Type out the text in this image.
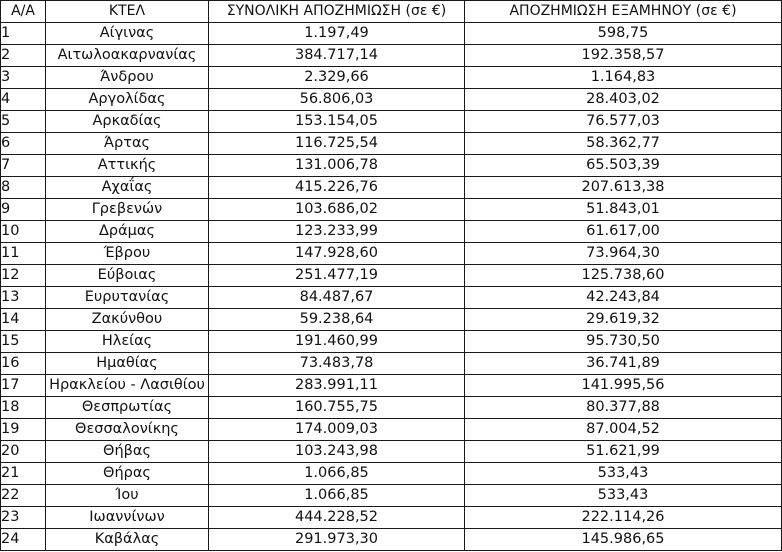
Α/Α	ΚΤΕΛ	ΣΥΝΟΛΙΚΗ ΑΠΟΖΗΜΙΩΣΗ (σε €)	ΑΠΟΖΗΜΙΩΣΗ ΕΞΑΜΗΝΟΥ (σε €)
1	Αίγινας	1.197,49	598,75
2	Αιτωλοακαρνανίας	384.717,14	192.358,57
3	Άνδρου	2.329,66	1.164,83
4	Αργολίδας	56.806,03	28.403,02
5	Αρκαδίας	153.154,05	76.577,03
6	Άρτας	116.725,54	58.362,77
7	Αττικής	131.006,78	65.503,39
8	Αχαΐας	415.226,76	207.613,38
9	Γρεβενών	103.686,02	51.843,01
10	Δράμας	123.233,99	61.617,00
11	Έβρου	147.928,60	73.964,30
12	Εύβοιας	251.477,19	125.738,60
13	Ευρυτανίας	84.487,67	42.243,84
14	Ζακύνθου	59.238,64	29.619,32
15	Ηλείας	191.460,99	95.730,50
16	Ημαθίας	73.483,78	36.741,89
17	Ηρακλείου - Λασιθίου	283.991,11	141.995,56
18	Θεσπρωτίας	160.755,75	80.377,88
19	Θεσσαλονίκης	174.009,03	87.004,52
20	Θήβας	103.243,98	51.621,99
21	Θήρας	1.066,85	533,43
22	Ίου	1.066,85	533,43
23	Ιωαννίνων	444.228,52	222.114,26
24	Καβάλας	291.973,30	145.986,65
